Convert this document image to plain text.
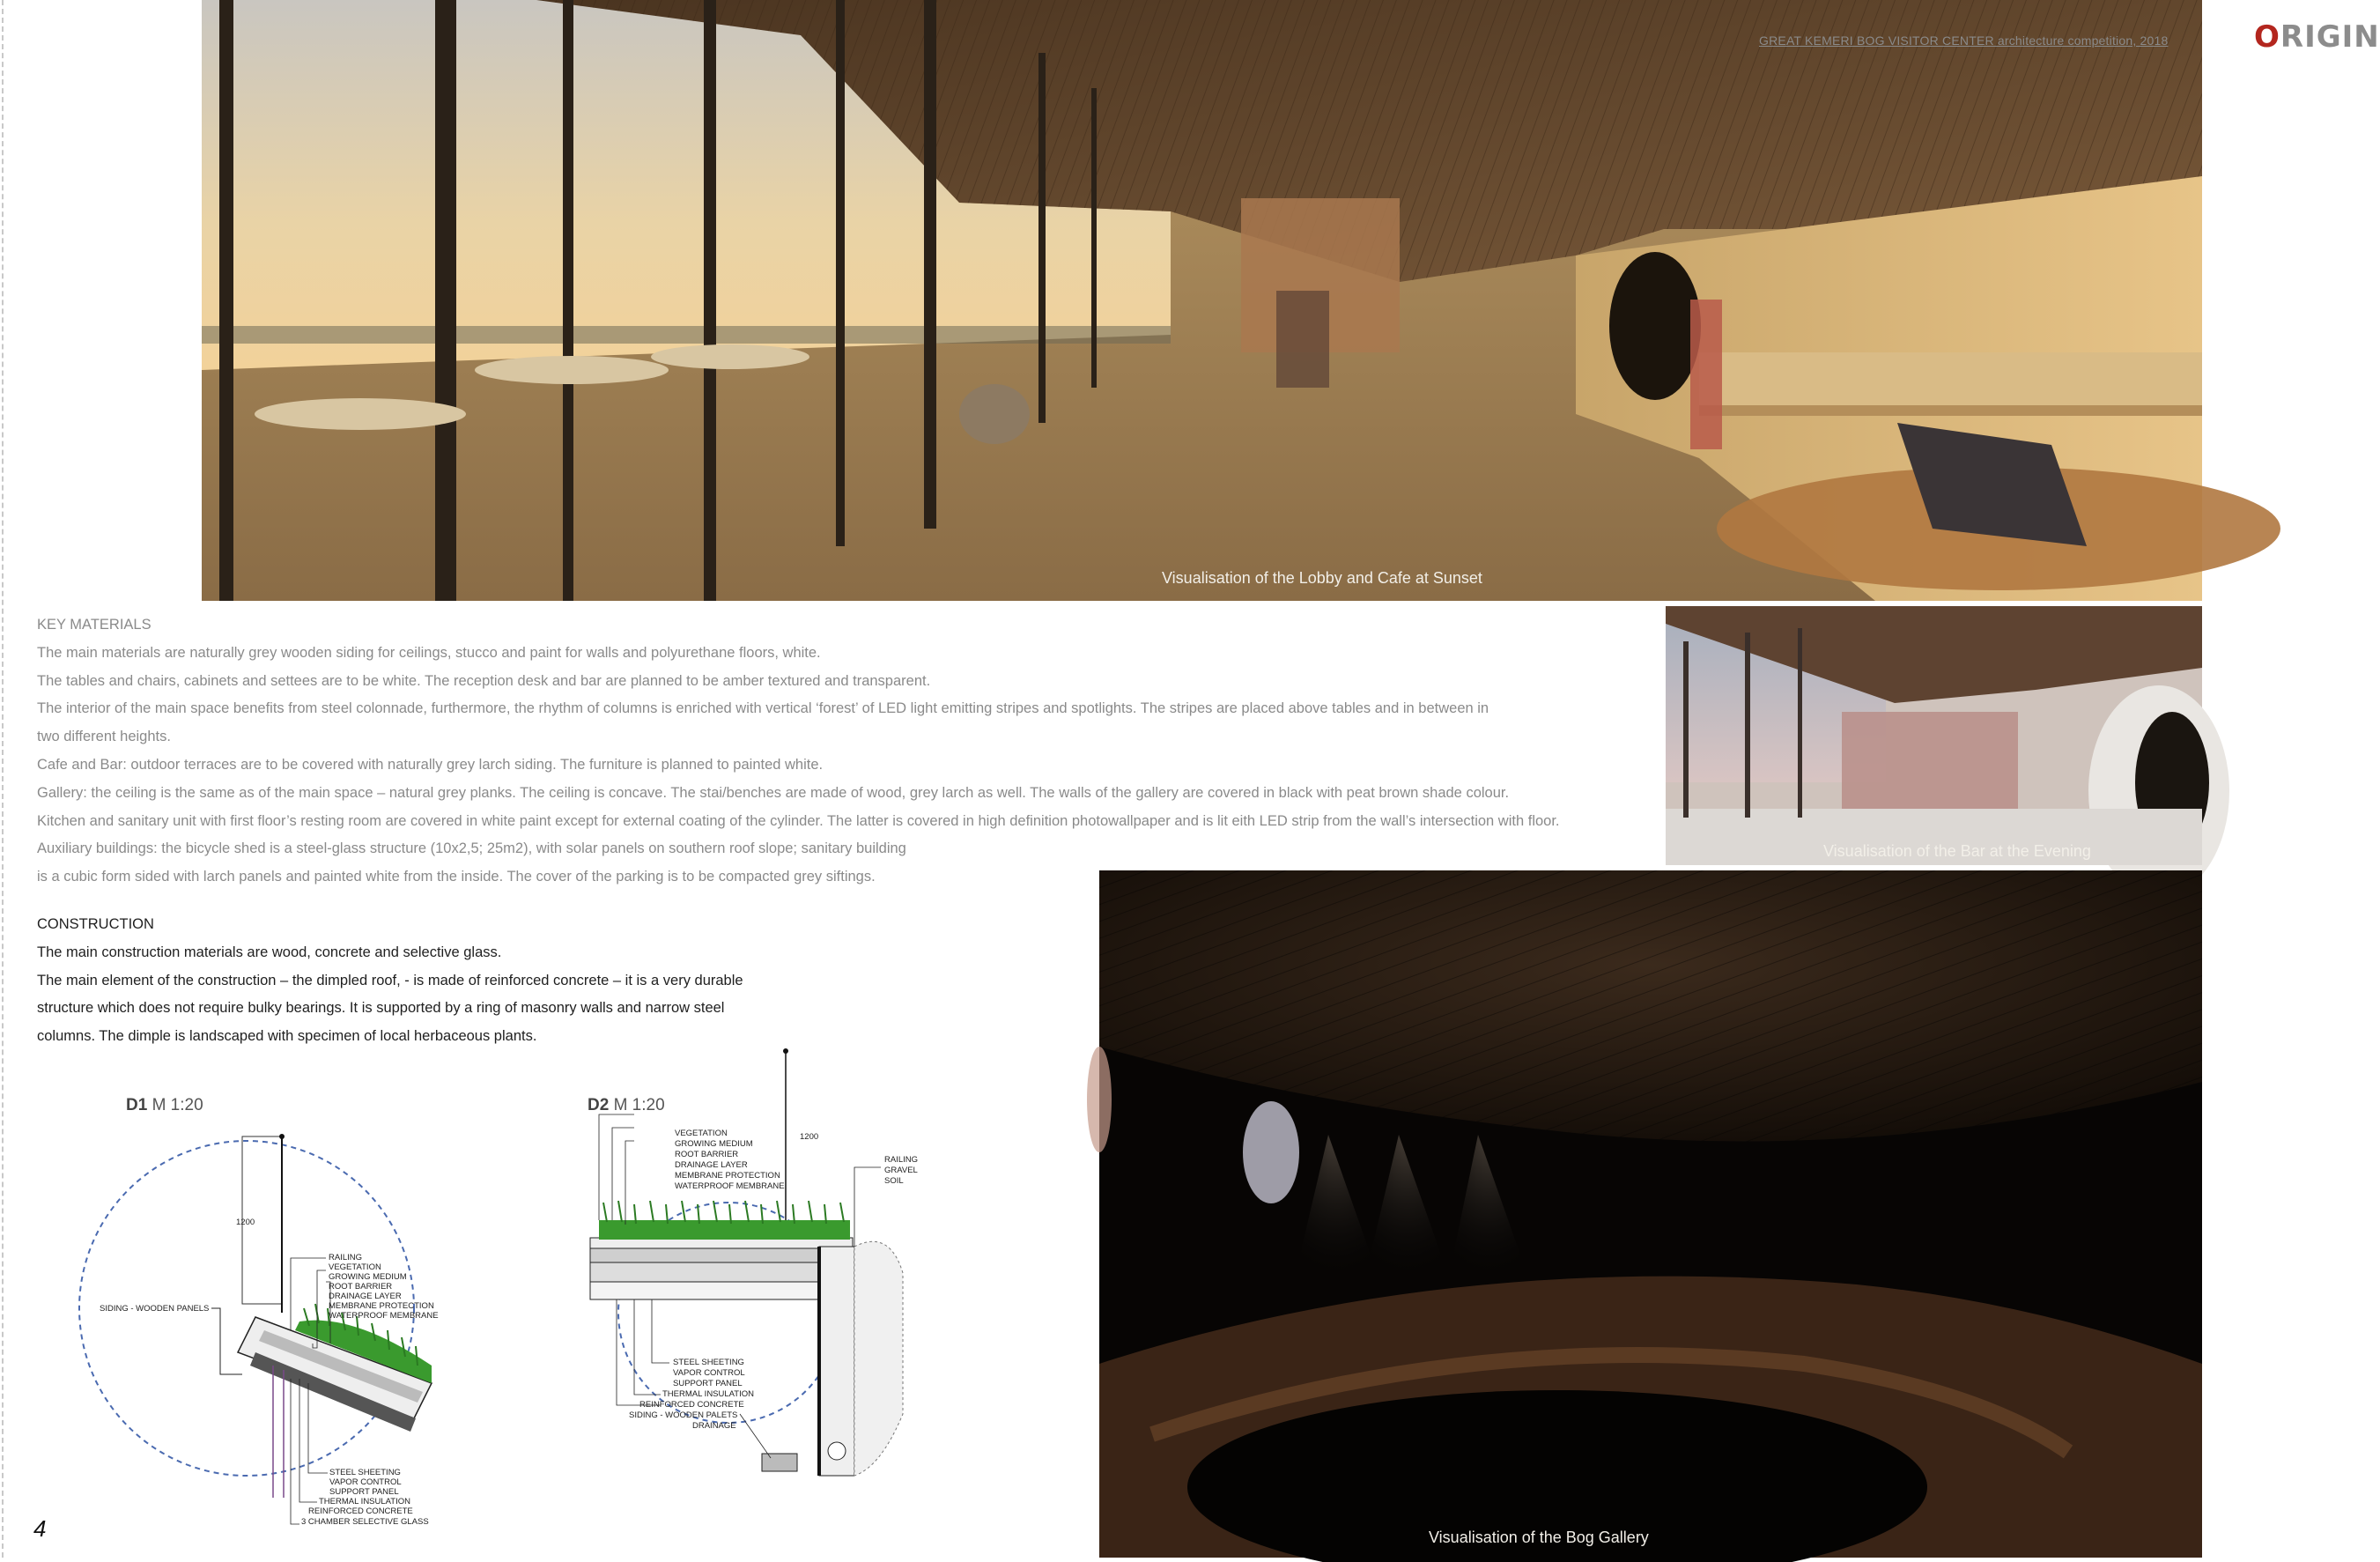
GREAT KEMERI BOG VISITOR CENTER architecture competition, 2018	ORIGIN
Visualisation of the Lobby and Cafe at Sunset
Visualisation of the Bar at the Evening
Visualisation of the Bog Gallery
KEY MATERIALS
The main materials are naturally grey wooden siding for ceilings, stucco and paint for walls and polyurethane floors, white.
The tables and chairs, cabinets and settees are to be white. The reception desk and bar are planned to be amber textured and transparent.
The interior of the main space benefits from steel colonnade, furthermore, the rhythm of columns is enriched with vertical ‘forest’ of LED light emitting stripes and spotlights. The stripes are placed above tables and in between in
two different heights.
Cafe and Bar: outdoor terraces are to be covered with naturally grey larch siding. The furniture is planned to painted white.
Gallery: the ceiling is the same as of the main space – natural grey planks. The ceiling is concave. The stai/benches are made of wood, grey larch as well. The walls of the gallery are covered in black with peat brown shade colour.
Kitchen and sanitary unit with first floor’s resting room are covered in white paint except for external coating of the cylinder. The latter is covered in high definition photowallpaper and is lit eith LED strip from the wall’s intersection with floor.
Auxiliary buildings: the bicycle shed is a steel-glass structure (10x2,5; 25m2), with solar panels on southern roof slope; sanitary building
is a cubic form sided with larch panels and painted white from the inside. The cover of the parking is to be compacted grey siftings.
CONSTRUCTION
The main construction materials are wood, concrete and selective glass.
The main element of the construction – the dimpled roof, - is made of reinforced concrete – it is a very durable
structure which does not require bulky bearings. It is supported by a ring of masonry walls and narrow steel
columns. The dimple is landscaped with specimen of local herbaceous plants.
D1 M 1:20
1200
SIDING - WOODEN PANELS
RAILING
VEGETATION
GROWING MEDIUM
ROOT BARRIER
DRAINAGE LAYER
MEMBRANE PROTECTION
WATERPROOF MEMBRANE
STEEL SHEETING
VAPOR CONTROL
SUPPORT PANEL
THERMAL INSULATION
REINFORCED CONCRETE
3 CHAMBER SELECTIVE GLASS
D2 M 1:20
1200
VEGETATION
GROWING MEDIUM
ROOT BARRIER
DRAINAGE LAYER
MEMBRANE PROTECTION
WATERPROOF MEMBRANE
RAILING
GRAVEL
SOIL
STEEL SHEETING
VAPOR CONTROL
SUPPORT PANEL
THERMAL INSULATION
REINFORCED CONCRETE
SIDING - WOODEN PALETS
DRAINAGE
4
